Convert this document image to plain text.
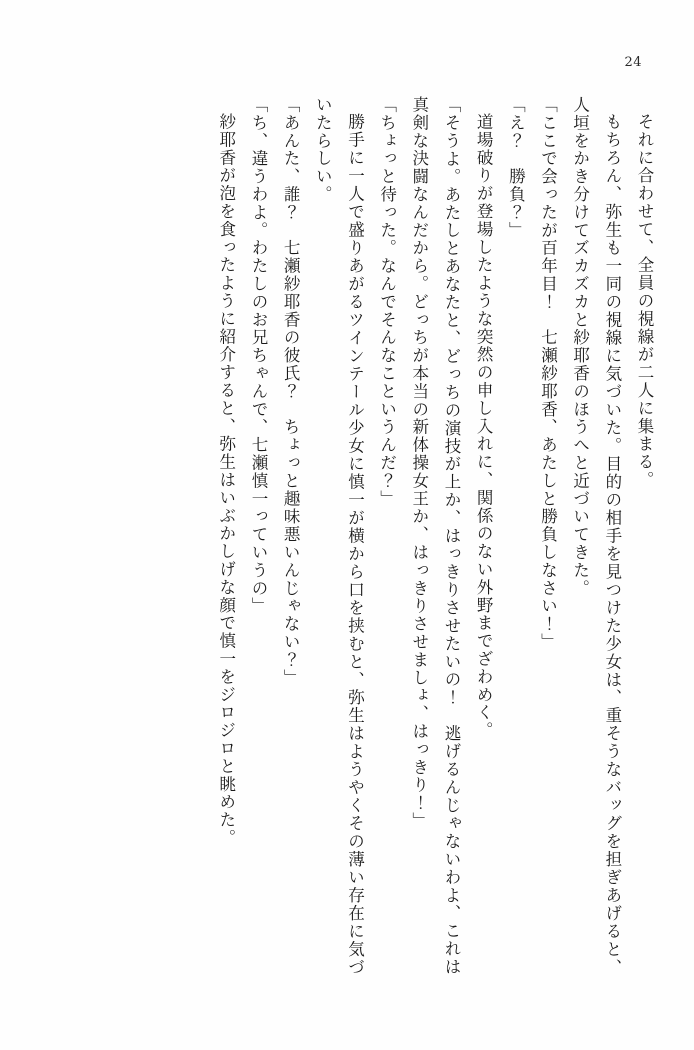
24

それに合わせて、全員の視線が二人に集まる。

もちろん、弥生も一同の視線に気づいた。目的の相手を見つけた少女は、重そうなバッグを担ぎあげると、人垣をかき分けてズカズカと紗耶香のほうへと近づいてきた。

「ここで会ったが百年目！　七瀬紗耶香、あたしと勝負しなさい！」

「え？　勝負？」

道場破りが登場したような突然の申し入れに、関係のない外野までざわめく。

「そうよ。あたしとあなたと、どっちの演技が上か、はっきりさせたいの！　逃げるんじゃないわよ、これは真剣な決闘なんだから。どっちが本当の新体操女王か、はっきりさせましょ、はっきり！」

「ちょっと待った。なんでそんなこというんだ？」

勝手に一人で盛りあがるツインテール少女に慎一が横から口を挟むと、弥生はようやくその薄い存在に気づいたらしい。

「あんた、誰？　七瀬紗耶香の彼氏？　ちょっと趣味悪いんじゃない？」

「ち、違うわよ。わたしのお兄ちゃんで、七瀬慎一っていうの」

紗耶香が泡を食ったように紹介すると、弥生はいぶかしげな顔で慎一をジロジロと眺めた。
